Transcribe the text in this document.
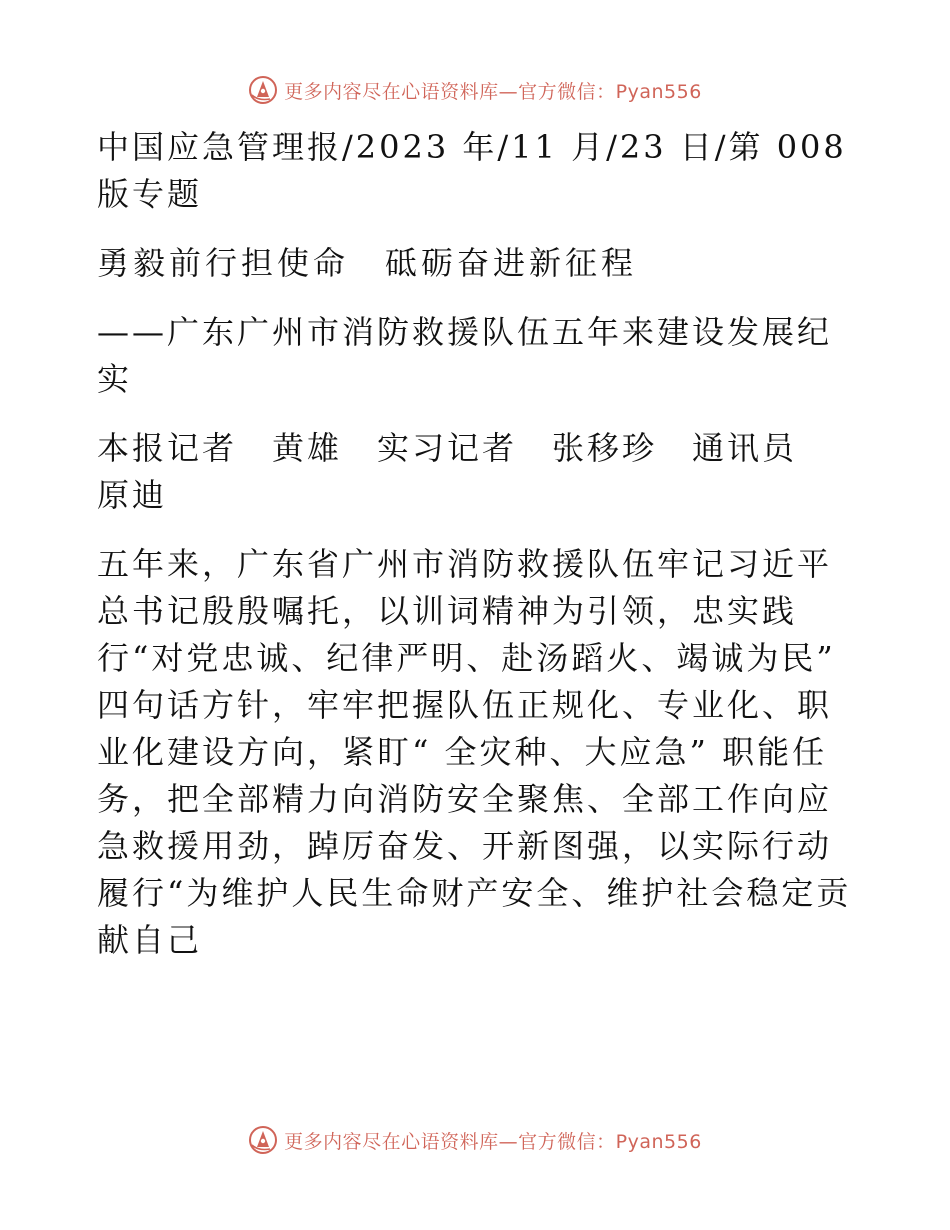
更多内容尽在心语资料库—官方微信：Pyan556

中国应急管理报/2023 年/11 月/23 日/第 008 版专题

勇毅前行担使命　砥砺奋进新征程

——广东广州市消防救援队伍五年来建设发展纪实

本报记者　黄雄　实习记者　张移珍　通讯员　原迪

五年来，广东省广州市消防救援队伍牢记习近平总书记殷殷嘱托，以训词精神为引领，忠实践行“对党忠诚、纪律严明、赴汤蹈火、竭诚为民” 四句话方针，牢牢把握队伍正规化、专业化、职业化建设方向，紧盯“ 全灾种、大应急” 职能任务，把全部精力向消防安全聚焦、全部工作向应急救援用劲，踔厉奋发、开新图强，以实际行动履行“为维护人民生命财产安全、维护社会稳定贡献自己

更多内容尽在心语资料库—官方微信：Pyan556
